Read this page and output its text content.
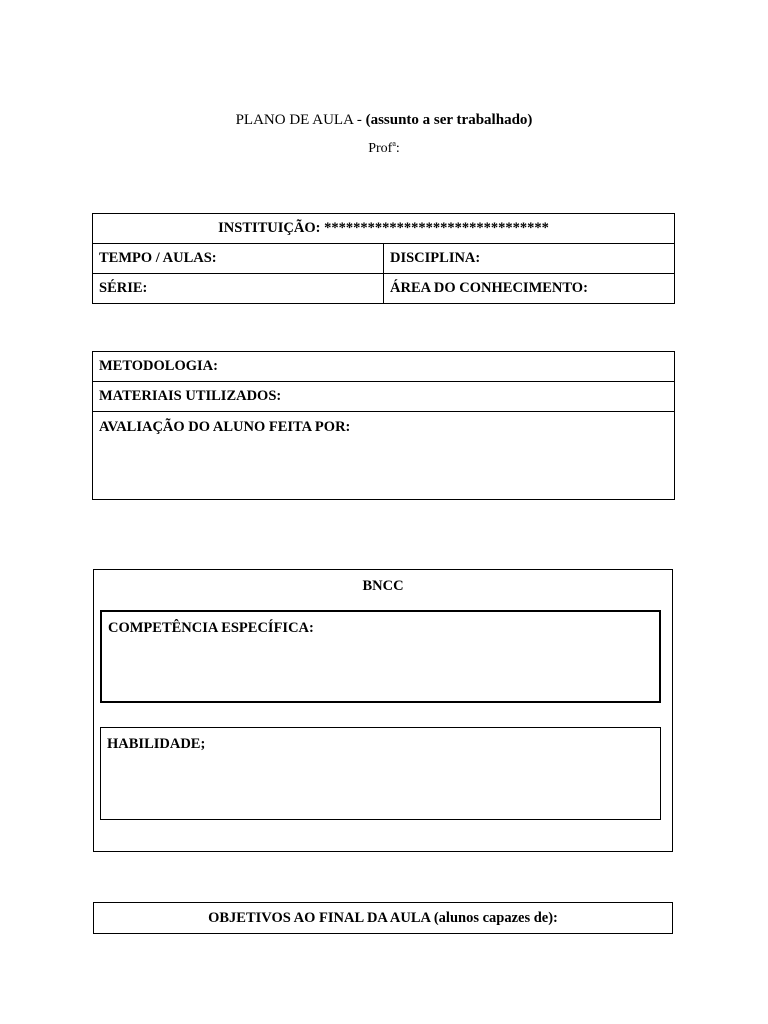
PLANO DE AULA - (assunto a ser trabalhado)
Prof$^a$:
INSTITUIÇÃO: *******************************	
TEMPO / AULAS:	DISCIPLINA:
SÉRIE:	ÁREA DO CONHECIMENTO:
METODOLOGIA:
MATERIAIS UTILIZADOS:
AVALIAÇÃO DO ALUNO FEITA POR:
BNCC
COMPETÊNCIA ESPECÍFICA:
HABILIDADE;
OBJETIVOS AO FINAL DA AULA (alunos capazes de):
